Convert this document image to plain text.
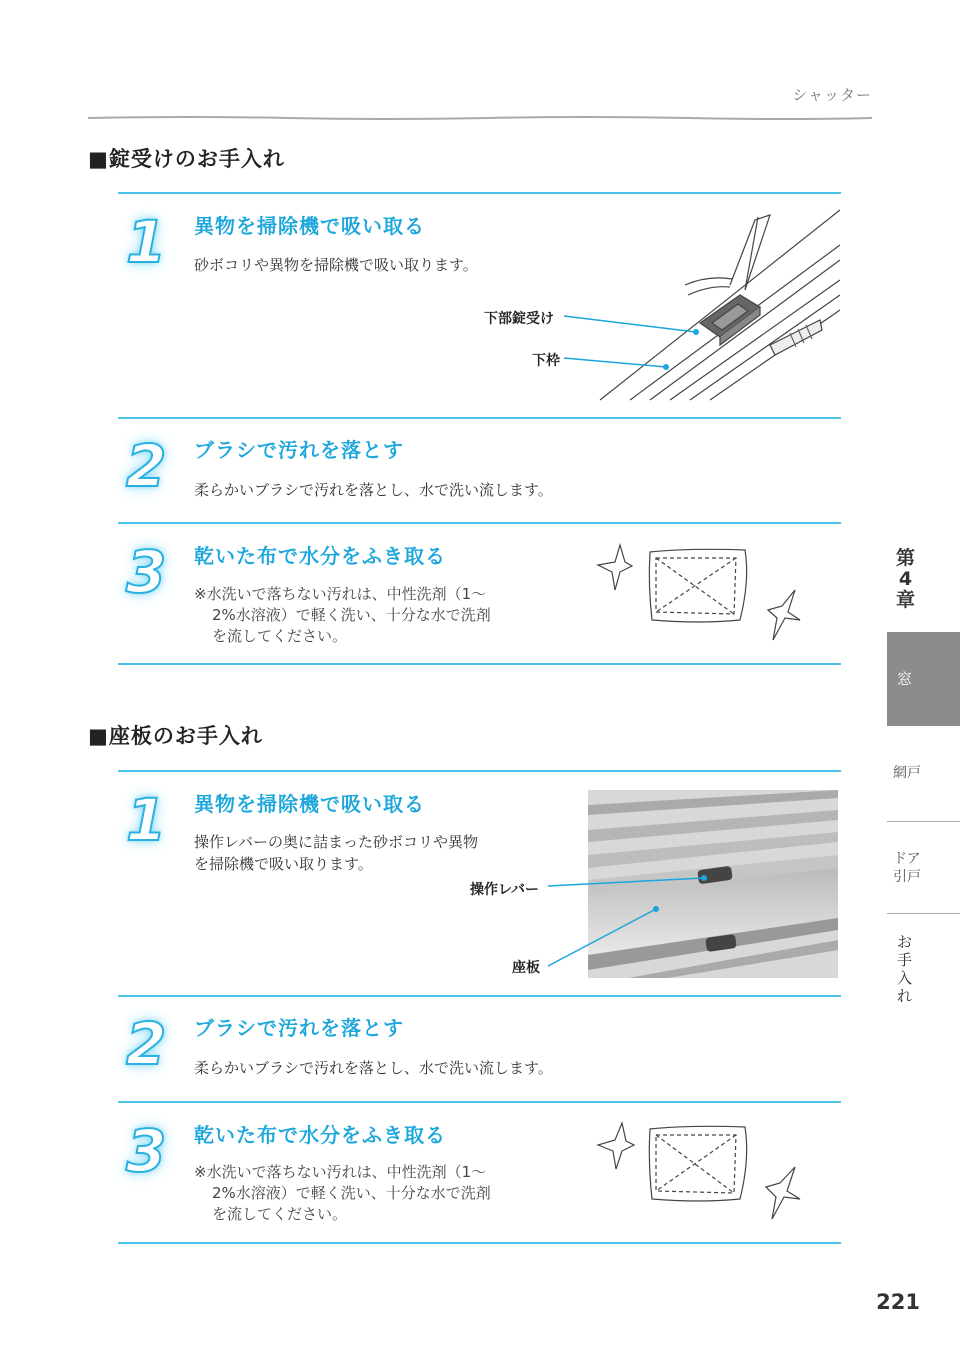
シャッター
■錠受けのお手入れ
1 異物を掃除機で吸い取る
砂ボコリや異物を掃除機で吸い取ります。
下部錠受け
下枠
2 ブラシで汚れを落とす
柔らかいブラシで汚れを落とし、水で洗い流します。
3 乾いた布で水分をふき取る
※水洗いで落ちない汚れは、中性洗剤（1～
2%水溶液）で軽く洗い、十分な水で洗剤
を流してください。
■座板のお手入れ
1 異物を掃除機で吸い取る
操作レバーの奥に詰まった砂ボコリや異物
を掃除機で吸い取ります。
操作レバー
座板
2 ブラシで汚れを落とす
柔らかいブラシで汚れを落とし、水で洗い流します。
3 乾いた布で水分をふき取る
※水洗いで落ちない汚れは、中性洗剤（1～
2%水溶液）で軽く洗い、十分な水で洗剤
を流してください。
第
4
章
窓
網戸
ドア
引戸
お
手
入
れ
221
